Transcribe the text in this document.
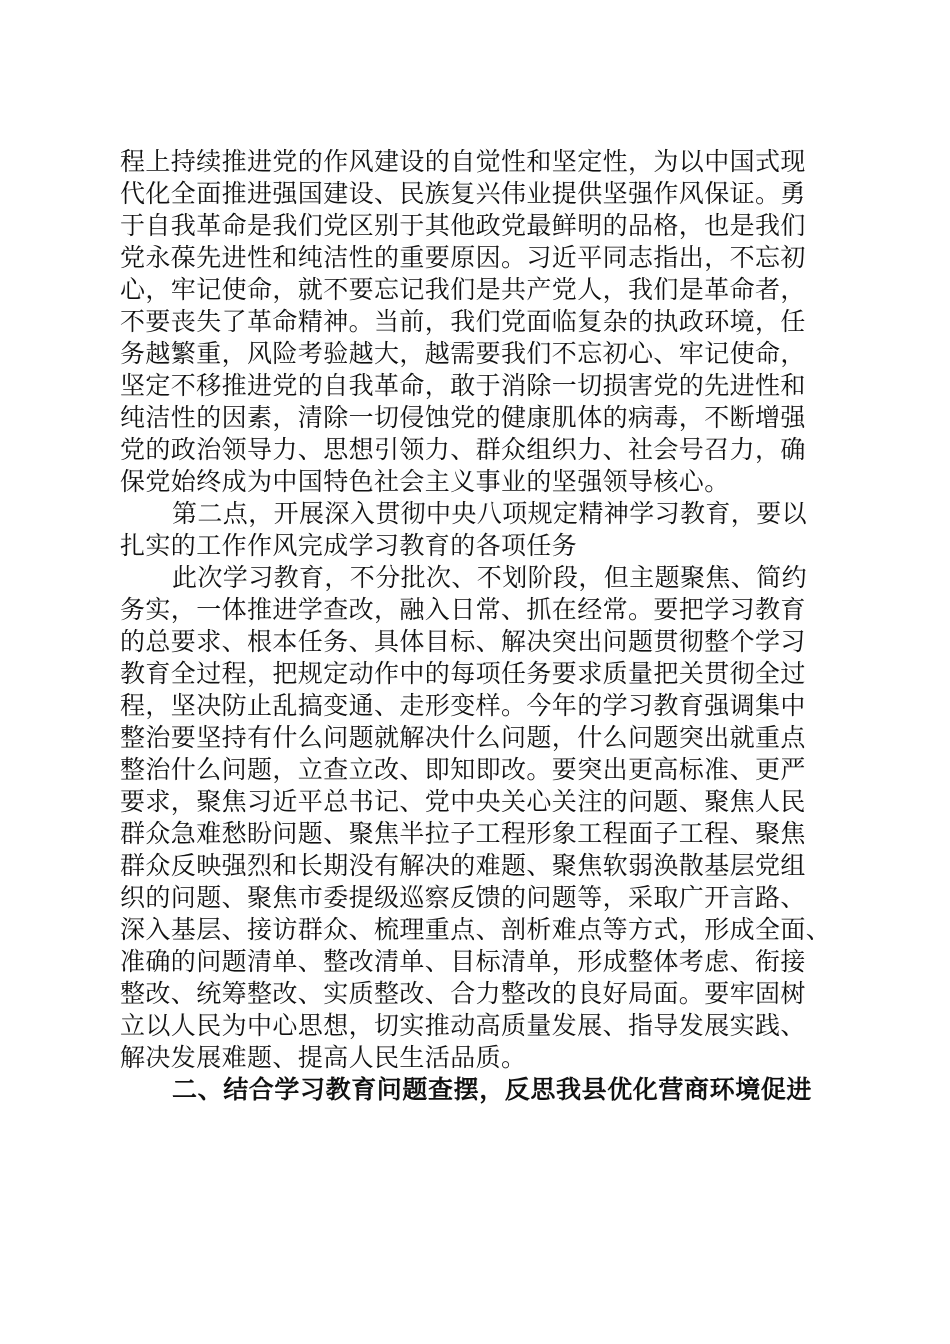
程上持续推进党的作风建设的自觉性和坚定性，为以中国式现
代化全面推进强国建设、民族复兴伟业提供坚强作风保证。勇
于自我革命是我们党区别于其他政党最鲜明的品格，也是我们
党永葆先进性和纯洁性的重要原因。习近平同志指出，不忘初
心，牢记使命，就不要忘记我们是共产党人，我们是革命者，
不要丧失了革命精神。当前，我们党面临复杂的执政环境，任
务越繁重，风险考验越大，越需要我们不忘初心、牢记使命，
坚定不移推进党的自我革命，敢于消除一切损害党的先进性和
纯洁性的因素，清除一切侵蚀党的健康肌体的病毒，不断增强
党的政治领导力、思想引领力、群众组织力、社会号召力，确
保党始终成为中国特色社会主义事业的坚强领导核心。
第二点，开展深入贯彻中央八项规定精神学习教育，要以
扎实的工作作风完成学习教育的各项任务
此次学习教育，不分批次、不划阶段，但主题聚焦、简约
务实，一体推进学查改，融入日常、抓在经常。要把学习教育
的总要求、根本任务、具体目标、解决突出问题贯彻整个学习
教育全过程，把规定动作中的每项任务要求质量把关贯彻全过
程，坚决防止乱搞变通、走形变样。今年的学习教育强调集中
整治要坚持有什么问题就解决什么问题，什么问题突出就重点
整治什么问题，立查立改、即知即改。要突出更高标准、更严
要求，聚焦习近平总书记、党中央关心关注的问题、聚焦人民
群众急难愁盼问题、聚焦半拉子工程形象工程面子工程、聚焦
群众反映强烈和长期没有解决的难题、聚焦软弱涣散基层党组
织的问题、聚焦市委提级巡察反馈的问题等，采取广开言路、
深入基层、接访群众、梳理重点、剖析难点等方式，形成全面、
准确的问题清单、整改清单、目标清单，形成整体考虑、衔接
整改、统筹整改、实质整改、合力整改的良好局面。要牢固树
立以人民为中心思想，切实推动高质量发展、指导发展实践、
解决发展难题、提高人民生活品质。
二、结合学习教育问题查摆，反思我县优化营商环境促进
